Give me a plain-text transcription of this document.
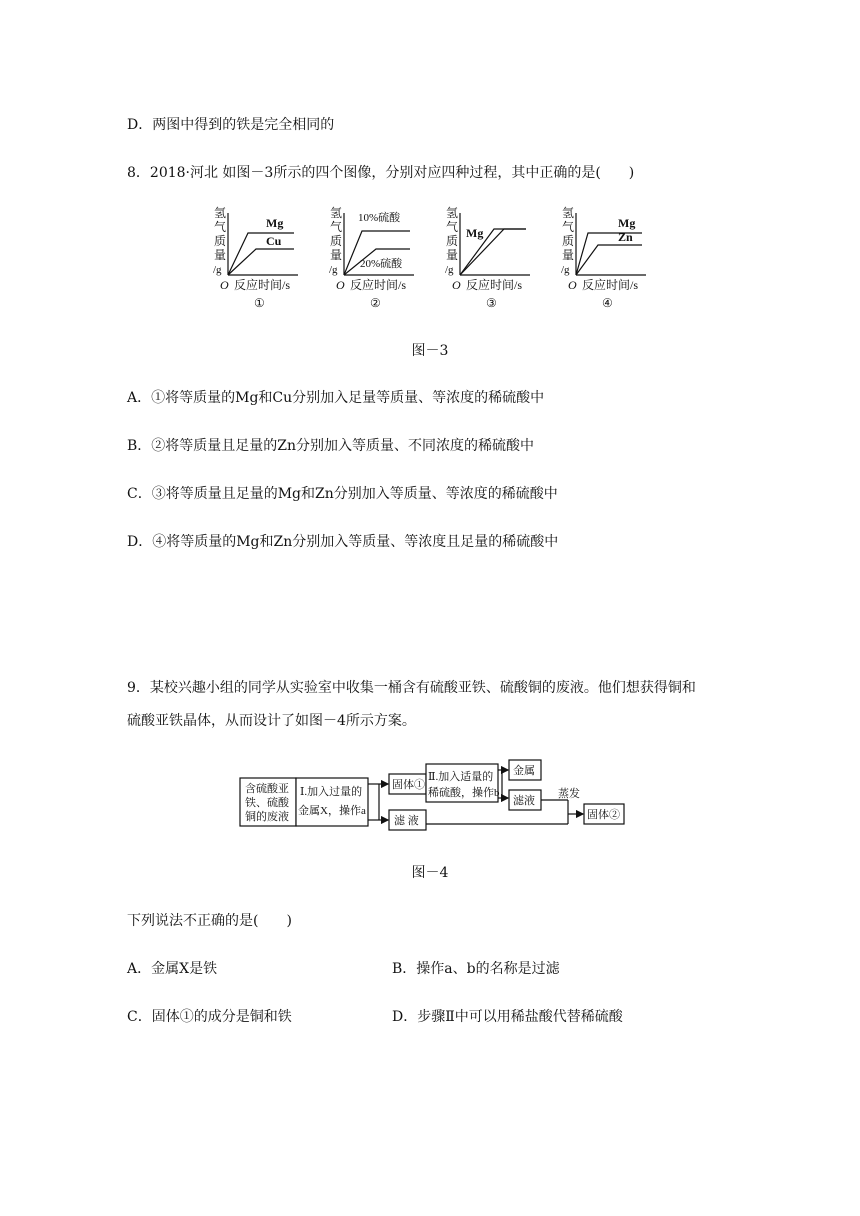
D．两图中得到的铁是完全相同的
8．2018·河北 如图－3所示的四个图像，分别对应四种过程，其中正确的是(　　)
氢
气
质
量
/g
Mg
Cu
O 反应时间/s
①
氢
气
质
量
/g
10%硫酸
20%硫酸
O 反应时间/s
②
氢
气
质
量
/g
Mg
O 反应时间/s
③
氢
气
质
量
/g
Mg
Zn
O 反应时间/s
④
图－3
A．①将等质量的Mg和Cu分别加入足量等质量、等浓度的稀硫酸中
B．②将等质量且足量的Zn分别加入等质量、不同浓度的稀硫酸中
C．③将等质量且足量的Mg和Zn分别加入等质量、等浓度的稀硫酸中
D．④将等质量的Mg和Zn分别加入等质量、等浓度且足量的稀硫酸中
9．某校兴趣小组的同学从实验室中收集一桶含有硫酸亚铁、硫酸铜的废液。他们想获得铜和
硫酸亚铁晶体，从而设计了如图－4所示方案。
含硫酸亚
铁、硫酸
铜的废液
Ⅰ.加入过量的
金属X，操作a
固体①
滤 液
Ⅱ.加入适量的
稀硫酸，操作b
金属
滤液
蒸发
固体②
图－4
下列说法不正确的是(　　)
A．金属X是铁	B．操作a、b的名称是过滤
C．固体①的成分是铜和铁	D．步骤Ⅱ中可以用稀盐酸代替稀硫酸
